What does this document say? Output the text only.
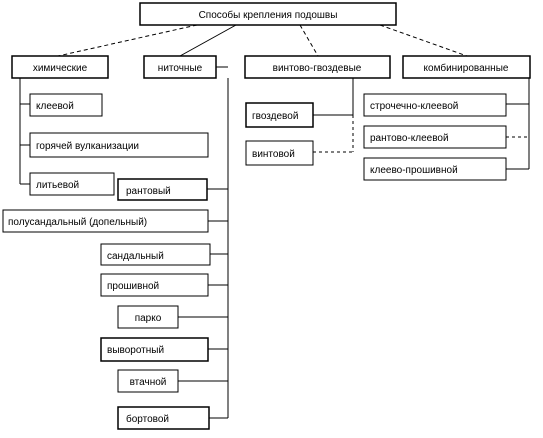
Способы крепления подошвы
химические	ниточные	винтово-гвоздевые	комбинированные
клеевой
горячей вулканизации
литьевой
рантовый
полусандальный (допельный)
сандальный
прошивной
парко
выворотный
втачной
бортовой
гвоздевой
винтовой
строчечно-клеевой
рантово-клеевой
клеево-прошивной
